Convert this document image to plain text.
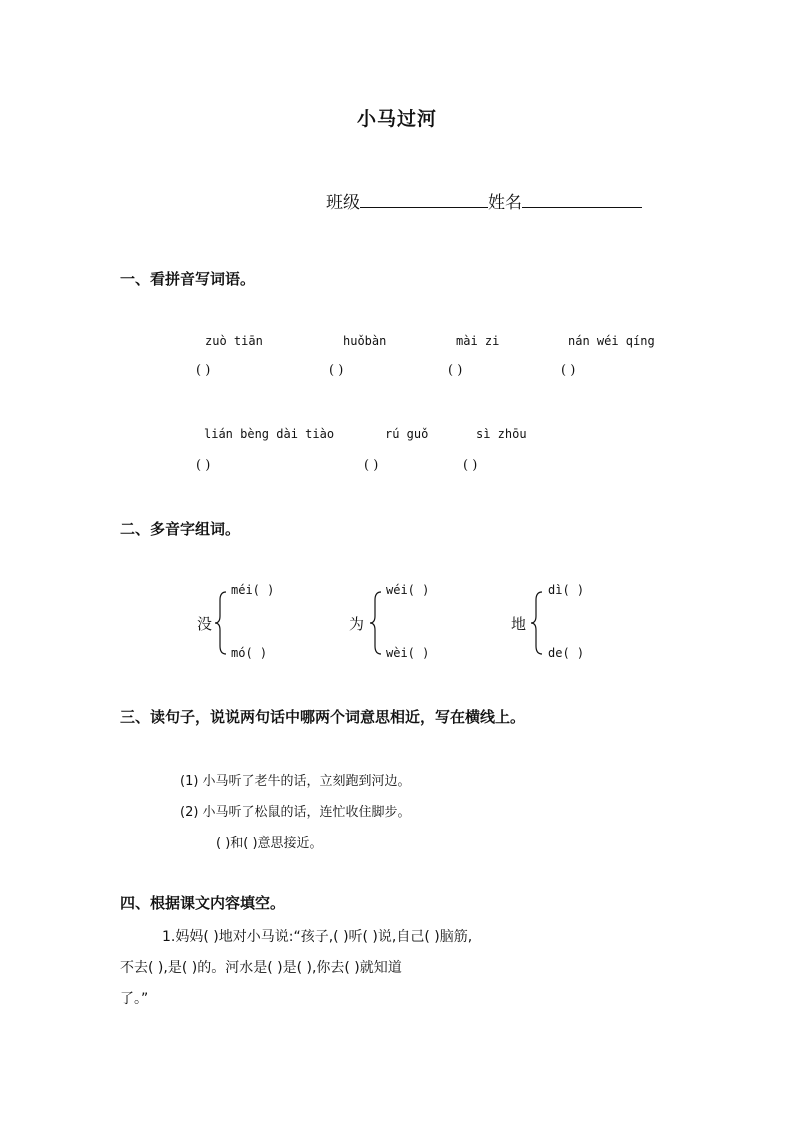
小马过河
班级	姓名
一、看拼音写词语。
zuò tiān
( )
huǒbàn
( )
mài zi
( )
nán wéi qíng
( )
lián bèng dài tiào
( )
rú guǒ
( )
sì zhōu
( )
二、多音字组词。
méi( )
没
mó( )
wéi( )
为
wèi( )
dì( )
地
de( )
三、读句子，说说两句话中哪两个词意思相近，写在横线上。
(1) 小马听了老牛的话，立刻跑到河边。
(2) 小马听了松鼠的话，连忙收住脚步。
( )和( )意思接近。
四、根据课文内容填空。
1.妈妈( )地对小马说:“孩子,( )听( )说,自己( )脑筋,
不去( ),是( )的。河水是( )是( ),你去( )就知道
了。”
